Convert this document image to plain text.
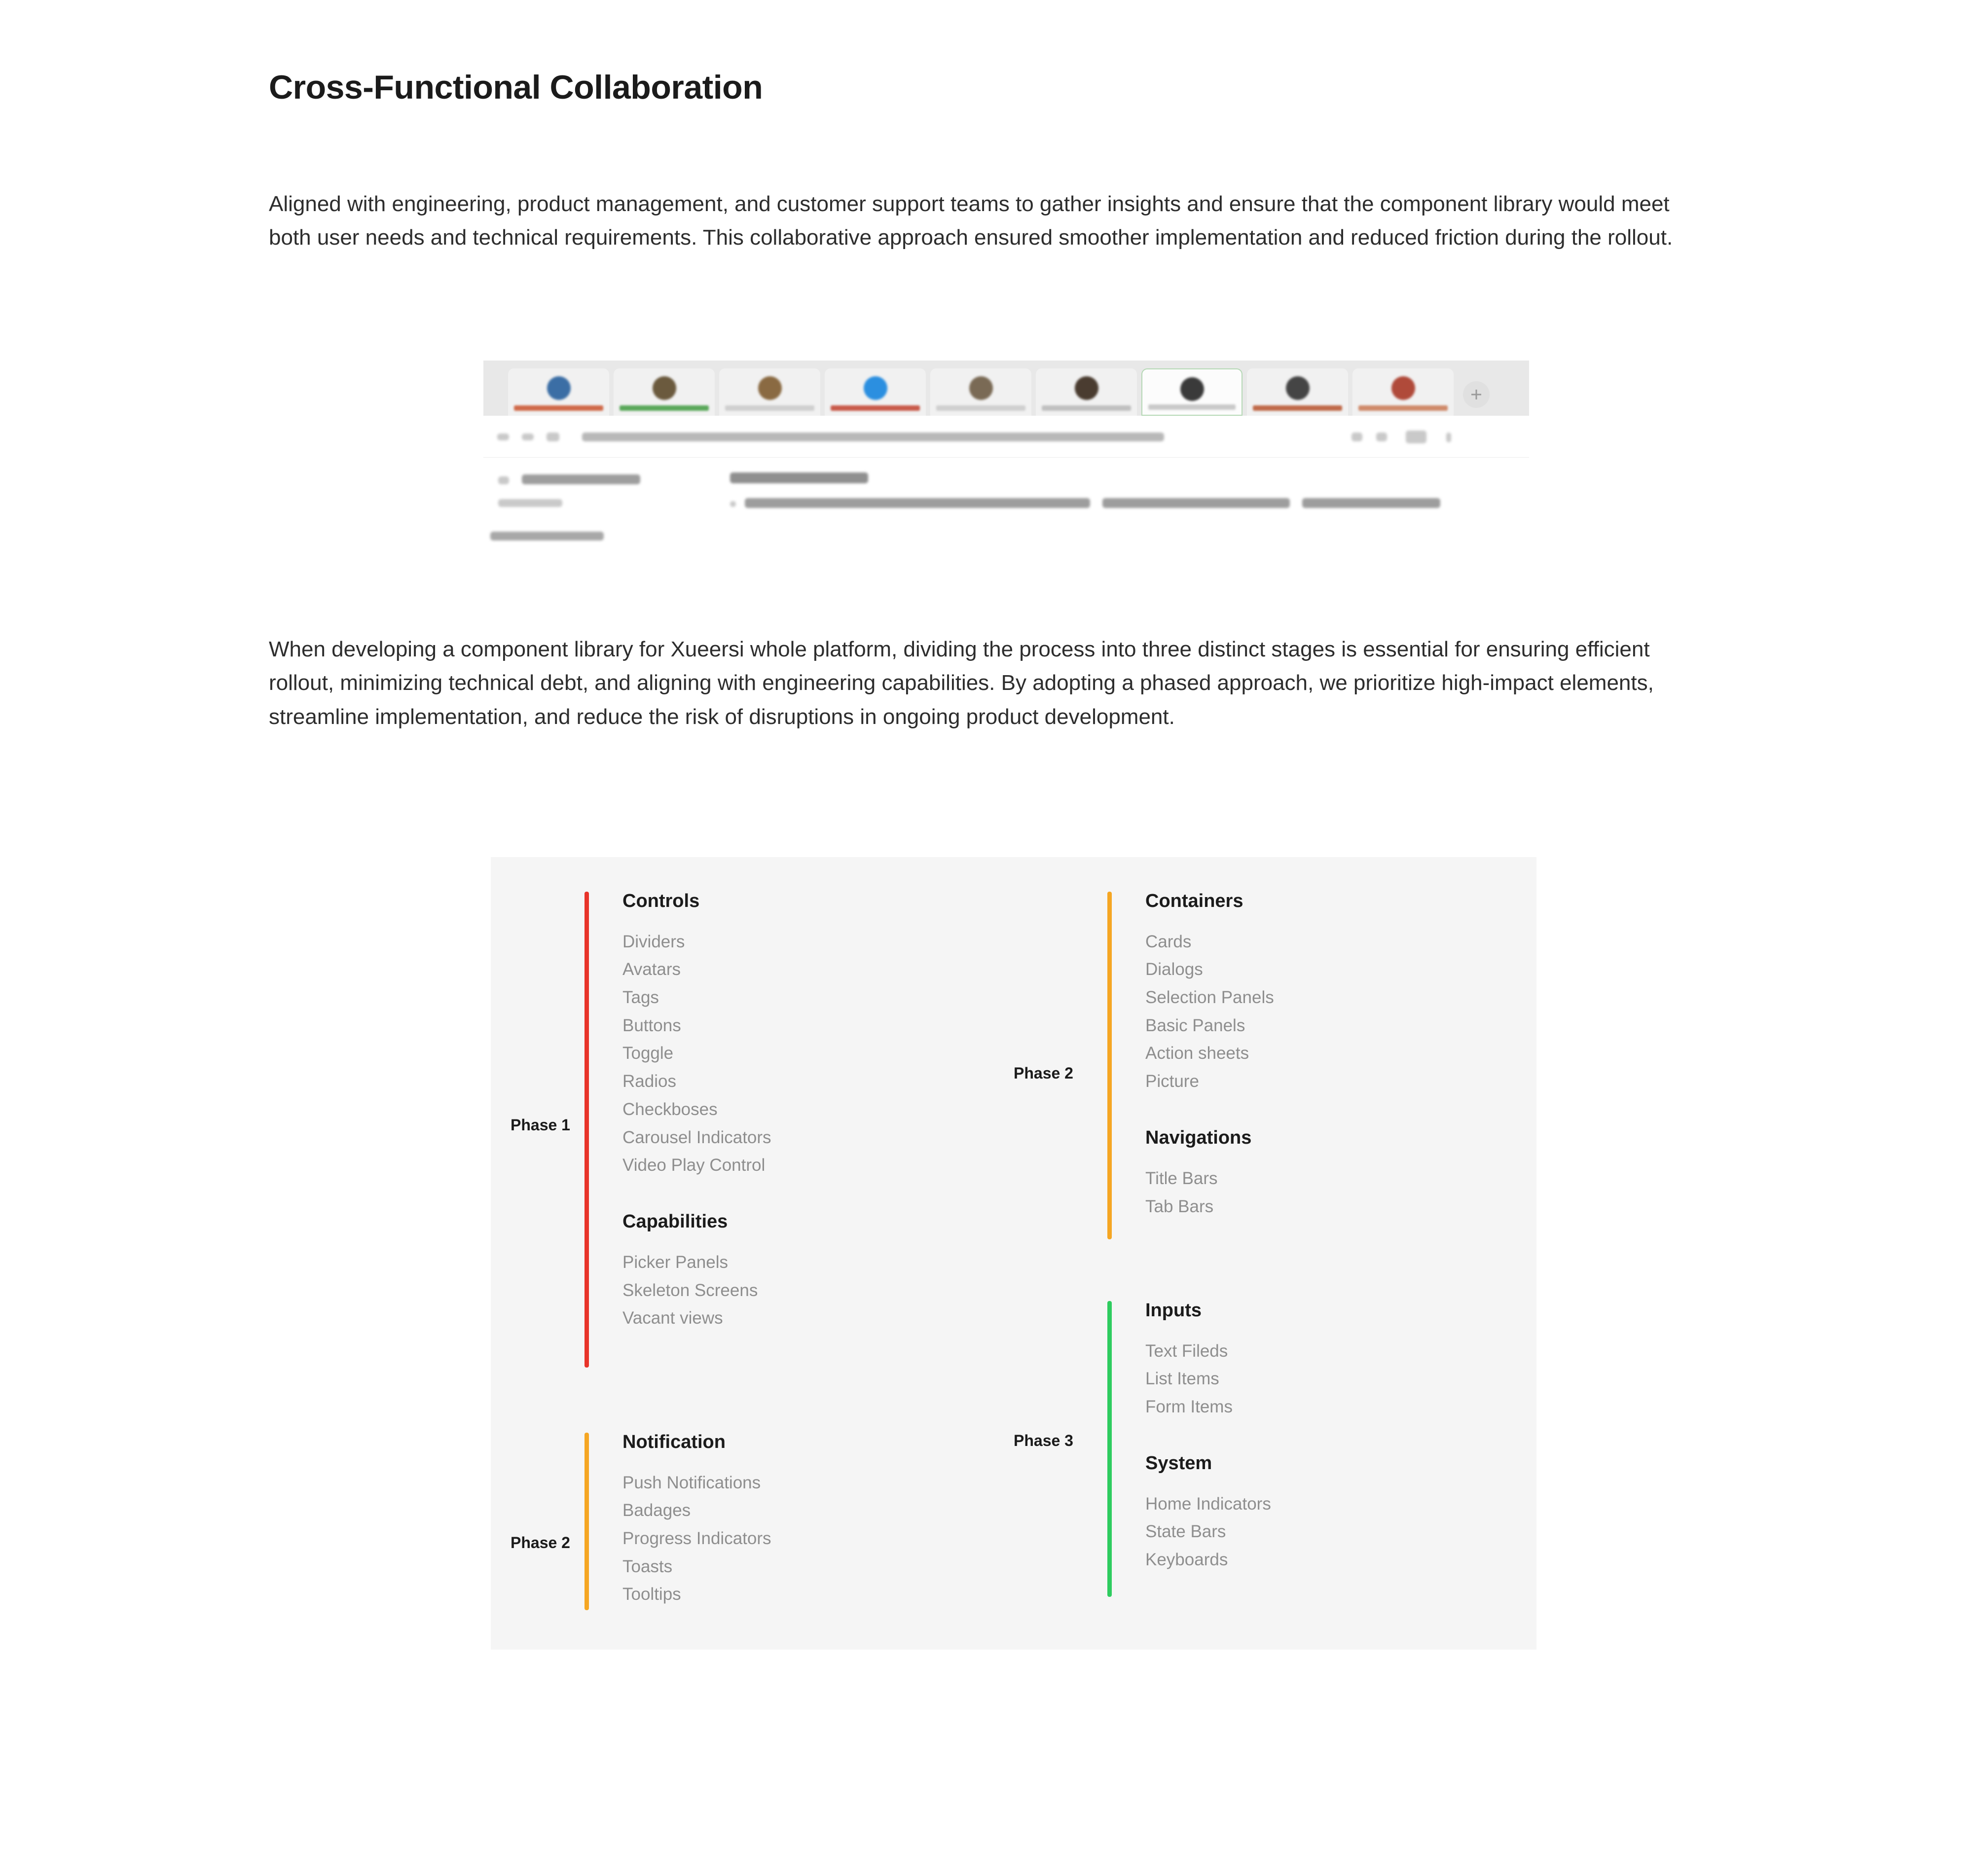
Cross-Functional Collaboration

Aligned with engineering, product management, and customer support teams to gather insights and ensure that the component library would meet both user needs and technical requirements. This collaborative approach ensured smoother implementation and reduced friction during the rollout.

When developing a component library for Xueersi whole platform, dividing the process into three distinct stages is essential for ensuring efficient rollout, minimizing technical debt, and aligning with engineering capabilities. By adopting a phased approach, we prioritize high-impact elements, streamline implementation, and reduce the risk of disruptions in ongoing product development.

Phase 1
Controls
Dividers
Avatars
Tags
Buttons
Toggle
Radios
Checkboses
Carousel Indicators
Video Play Control
Capabilities
Picker Panels
Skeleton Screens
Vacant views
Phase 2
Notification
Push Notifications
Badages
Progress Indicators
Toasts
Tooltips
Phase 2
Containers
Cards
Dialogs
Selection Panels
Basic Panels
Action sheets
Picture
Navigations
Title Bars
Tab Bars
Phase 3
Inputs
Text Fileds
List Items
Form Items
System
Home Indicators
State Bars
Keyboards
